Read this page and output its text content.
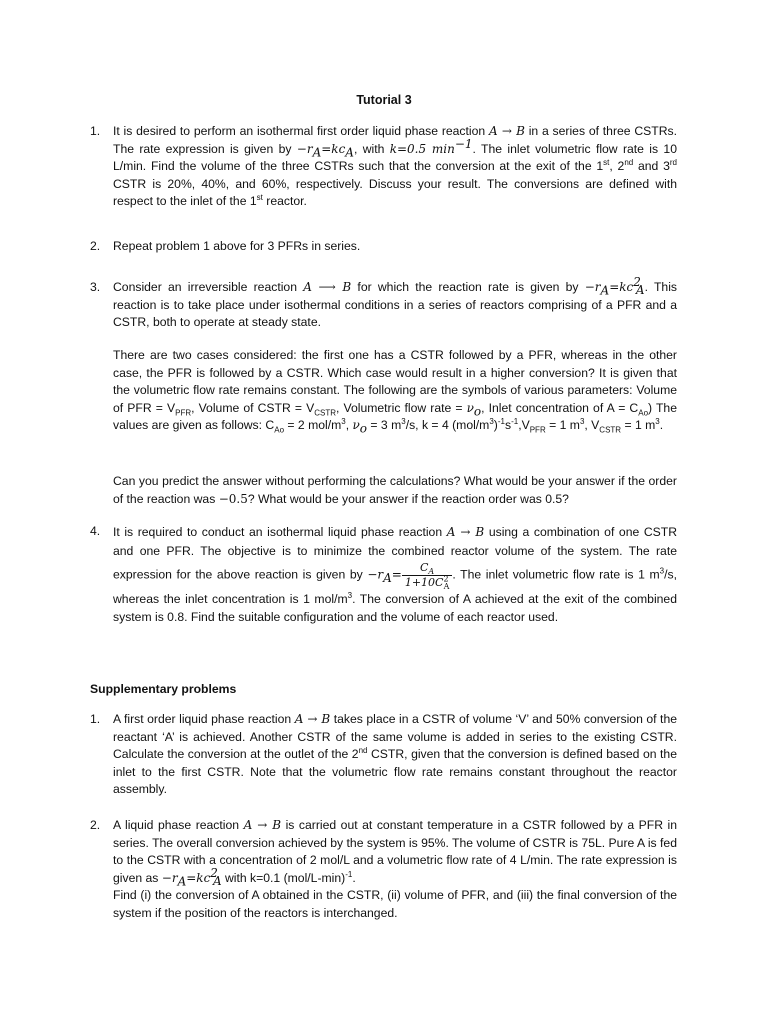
Tutorial 3
1. It is desired to perform an isothermal first order liquid phase reaction A → B in a series of three CSTRs. The rate expression is given by $-r_A=kc_A$, with k=0.5 $\min^{-1}$. The inlet volumetric flow rate is 10 L/min. Find the volume of the three CSTRs such that the conversion at the exit of the 1st, 2nd and 3rd CSTR is 20%, 40%, and 60%, respectively. Discuss your result. The conversions are defined with respect to the inlet of the 1st reactor.
2. Repeat problem 1 above for 3 PFRs in series.
3. Consider an irreversible reaction A ⟶ B for which the reaction rate is given by $-r_A=kc^2_A$. This reaction is to take place under isothermal conditions in a series of reactors comprising of a PFR and a CSTR, both to operate at steady state.
There are two cases considered: the first one has a CSTR followed by a PFR, whereas in the other case, the PFR is followed by a CSTR. Which case would result in a higher conversion? It is given that the volumetric flow rate remains constant. The following are the symbols of various parameters: Volume of PFR = $V_{PFR}$, Volume of CSTR = $V_{CSTR}$, Volumetric flow rate = $\nu_o$, Inlet concentration of $A = C_{Ao}$) The values are given as follows: $C_{Ao} = 2$ mol/$m^3$, $\nu_o = 3$ $m^3/s$, k = 4 $(mol/m^3)^{-1}s^{-1},V_{PFR} = 1$ $m^3$, $V_{CSTR} = 1$ $m^3$.
Can you predict the answer without performing the calculations? What would be your answer if the order of the reaction was −0.5? What would be your answer if the reaction order was 0.5?
4. It is required to conduct an isothermal liquid phase reaction A → B using a combination of one CSTR and one PFR. The objective is to minimize the combined reactor volume of the system. The rate expression for the above reaction is given by $-r_A= \frac{C_A}{1+10C^2_A}$ . The inlet volumetric flow rate is 1 $m^3/s$, whereas the inlet concentration is 1 mol/$m^3$. The conversion of A achieved at the exit of the combined system is 0.8. Find the suitable configuration and the volume of each reactor used.
Supplementary problems
1. A first order liquid phase reaction A → B takes place in a CSTR of volume ‘V’ and 50% conversion of the reactant ‘A’ is achieved. Another CSTR of the same volume is added in series to the existing CSTR. Calculate the conversion at the outlet of the 2nd CSTR, given that the conversion is defined based on the inlet to the first CSTR. Note that the volumetric flow rate remains constant throughout the reactor assembly.
2. A liquid phase reaction A → B is carried out at constant temperature in a CSTR followed by a PFR in series. The overall conversion achieved by the system is 95%. The volume of CSTR is 75L. Pure A is fed to the CSTR with a concentration of 2 mol/L and a volumetric flow rate of 4 L/min. The rate expression is given as $-r_A=kc^2_A$ with k=0.1 $(mol/L-\min)^{-1}$.
Find (i) the conversion of A obtained in the CSTR, (ii) volume of PFR, and (iii) the final conversion of the system if the position of the reactors is interchanged.
